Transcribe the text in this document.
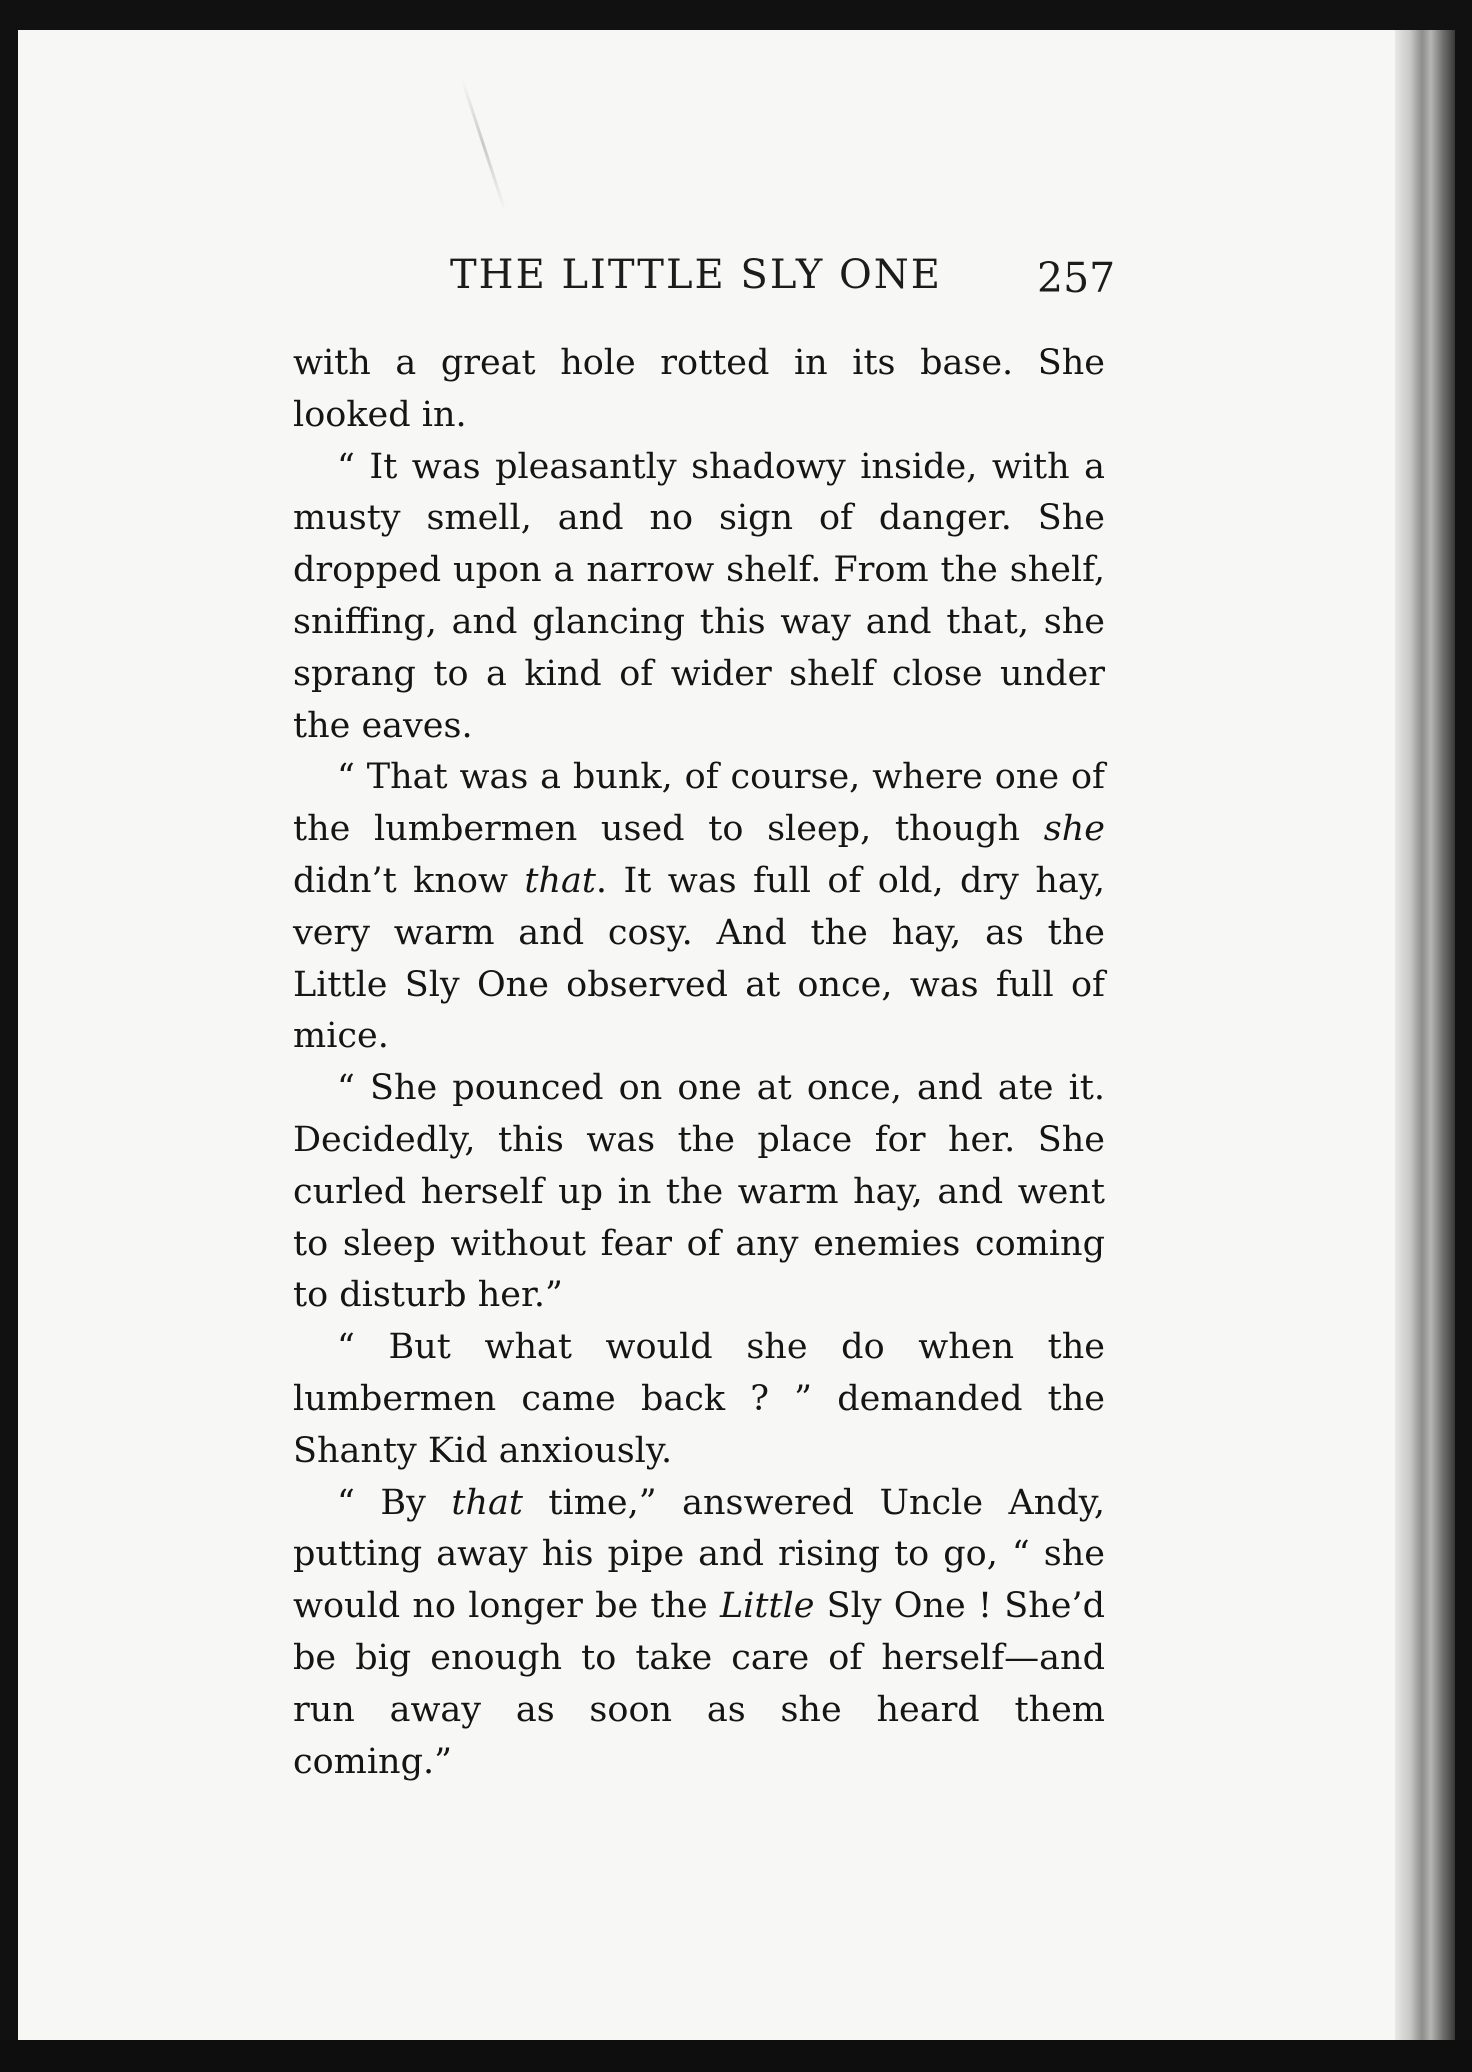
THE LITTLE SLY ONE 257

with a great hole rotted in its base. She looked in.

“ It was pleasantly shadowy inside, with a musty smell, and no sign of danger. She dropped upon a narrow shelf. From the shelf, sniffing, and glancing this way and that, she sprang to a kind of wider shelf close under the eaves.

“ That was a bunk, of course, where one of the lumbermen used to sleep, though she didn’t know that. It was full of old, dry hay, very warm and cosy. And the hay, as the Little Sly One observed at once, was full of mice.

“ She pounced on one at once, and ate it. Decidedly, this was the place for her. She curled herself up in the warm hay, and went to sleep without fear of any enemies coming to disturb her.”

“ But what would she do when the lumbermen came back ? ” demanded the Shanty Kid anxiously.

“ By that time,” answered Uncle Andy, putting away his pipe and rising to go, “ she would no longer be the Little Sly One ! She’d be big enough to take care of herself—and run away as soon as she heard them coming.”
